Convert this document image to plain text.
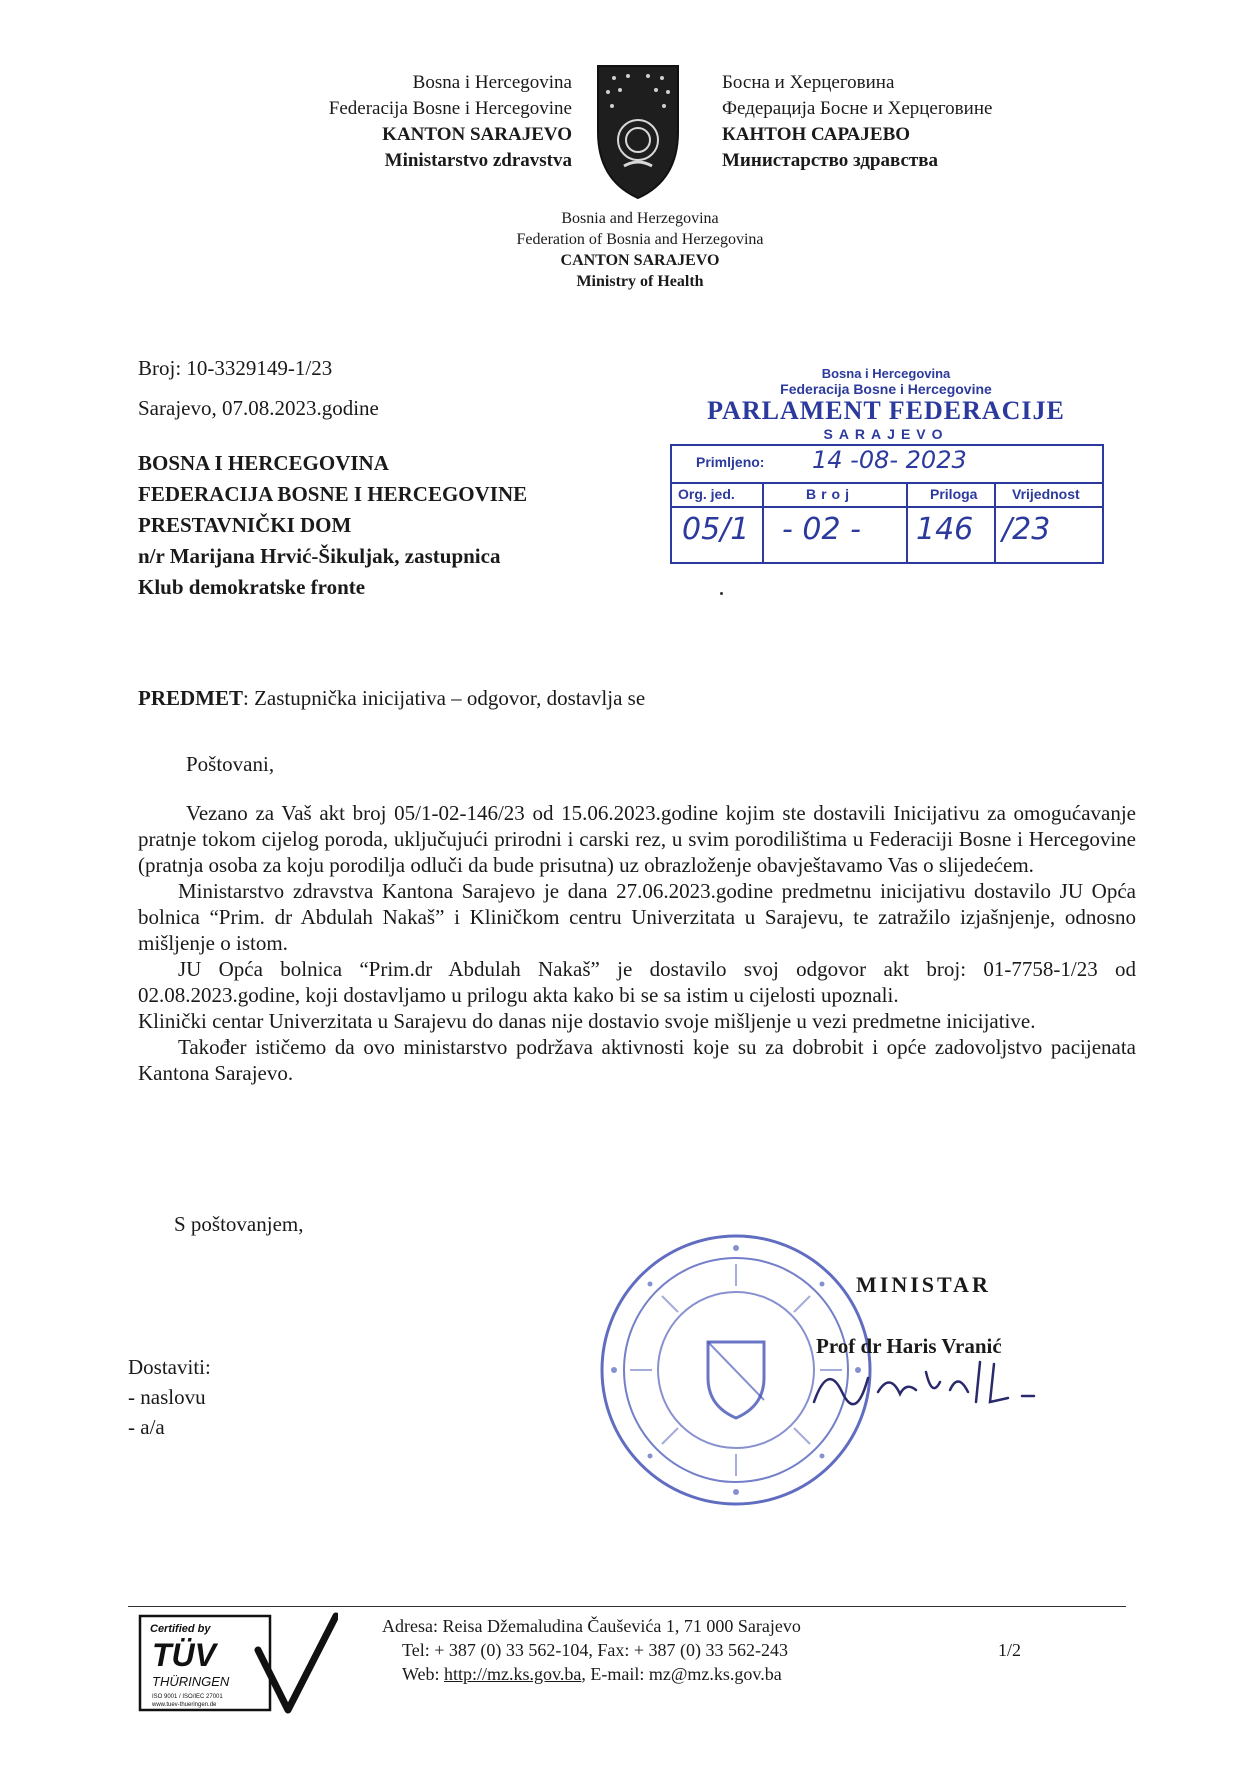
Bosna i Hercegovina
Federacija Bosne i Hercegovine
KANTON SARAJEVO
Ministarstvo zdravstva
Босна и Херцеговина
Федерација Босне и Херцеговине
КАНТОН САРАЈЕВО
Министарство здравства
Bosnia and Herzegovina
Federation of Bosnia and Herzegovina
CANTON SARAJEVO
Ministry of Health
Broj: 10-3329149-1/23
Sarajevo, 07.08.2023.godine
BOSNA I HERCEGOVINA
FEDERACIJA BOSNE I HERCEGOVINE
PRESTAVNIČKI DOM
n/r Marijana Hrvić-Šikuljak, zastupnica
Klub demokratske fronte
Bosna i Hercegovina
Federacija Bosne i Hercegovine
PARLAMENT FEDERACIJE
SARAJEVO
Primljeno: 14 -08- 2023
Org. jed.	Broj	Priloga Vrijednost
05/1 - 02 - 146 /23
PREDMET: Zastupnička inicijativa – odgovor, dostavlja se
Poštovani,

Vezano za Vaš akt broj 05/1-02-146/23 od 15.06.2023.godine kojim ste dostavili Inicijativu za omogućavanje pratnje tokom cijelog poroda, uključujući prirodni i carski rez, u svim porodilištima u Federaciji Bosne i Hercegovine (pratnja osoba za koju porodilja odluči da bude prisutna) uz obrazloženje obavještavamo Vas o slijedećem.

Ministarstvo zdravstva Kantona Sarajevo je dana 27.06.2023.godine predmetnu inicijativu dostavilo JU Opća bolnica “Prim. dr Abdulah Nakaš” i Kliničkom centru Univerzitata u Sarajevu, te zatražilo izjašnjenje, odnosno mišljenje o istom.

JU Opća bolnica “Prim.dr Abdulah Nakaš” je dostavilo svoj odgovor akt broj: 01-7758-1/23 od 02.08.2023.godine, koji dostavljamo u prilogu akta kako bi se sa istim u cijelosti upoznali.

Klinički centar Univerzitata u Sarajevu do danas nije dostavio svoje mišljenje u vezi predmetne inicijative.

Također ističemo da ovo ministarstvo podržava aktivnosti koje su za dobrobit i opće zadovoljstvo pacijenata Kantona Sarajevo.

S poštovanjem,
MINISTAR
Prof dr Haris Vranić
Dostaviti:
- naslovu
- a/a
Certified by
TÜV
THÜRINGEN
ISO 9001 / ISO/IEC 27001
www.tuev-thueringen.de
Adresa: Reisa Džemaludina Čauševića 1, 71 000 Sarajevo
Tel: + 387 (0) 33 562-104, Fax: + 387 (0) 33 562-243
Web: http://mz.ks.gov.ba, E-mail: mz@mz.ks.gov.ba
1/2
